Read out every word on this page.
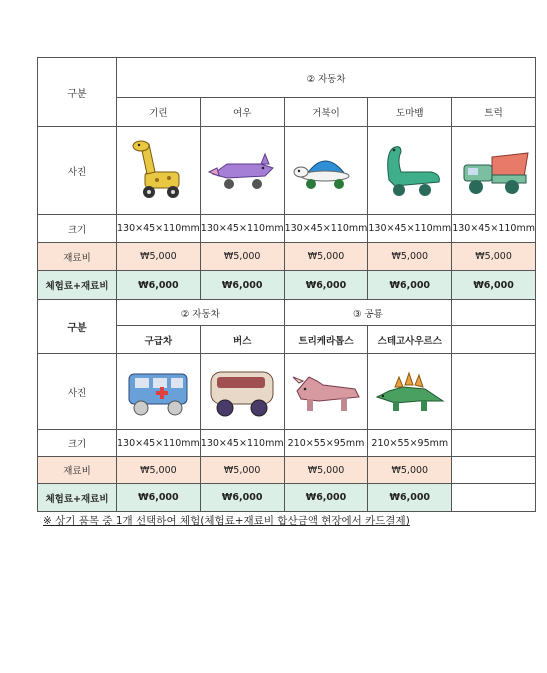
구분	② 자동차				
	기린	여우	거북이	도마뱀	트럭
사진	

크기	130×45×110mm	130×45×110mm	130×45×110mm	130×45×110mm	130×45×110mm
재료비	₩5,000	₩5,000	₩5,000	₩5,000	₩5,000
체험료+재료비	₩6,000	₩6,000	₩6,000	₩6,000	₩6,000
구분	② 자동차		③ 공룡		
	구급차	버스	트리케라톱스	스테고사우르스	
사진	

크기	130×45×110mm	130×45×110mm	210×55×95mm	210×55×95mm	
재료비	₩5,000	₩5,000	₩5,000	₩5,000	
체험료+재료비	₩6,000	₩6,000	₩6,000	₩6,000	
※ 상기 품목 중 1개 선택하여 체험(체험료+재료비 합산금액 현장에서 카드결제)
